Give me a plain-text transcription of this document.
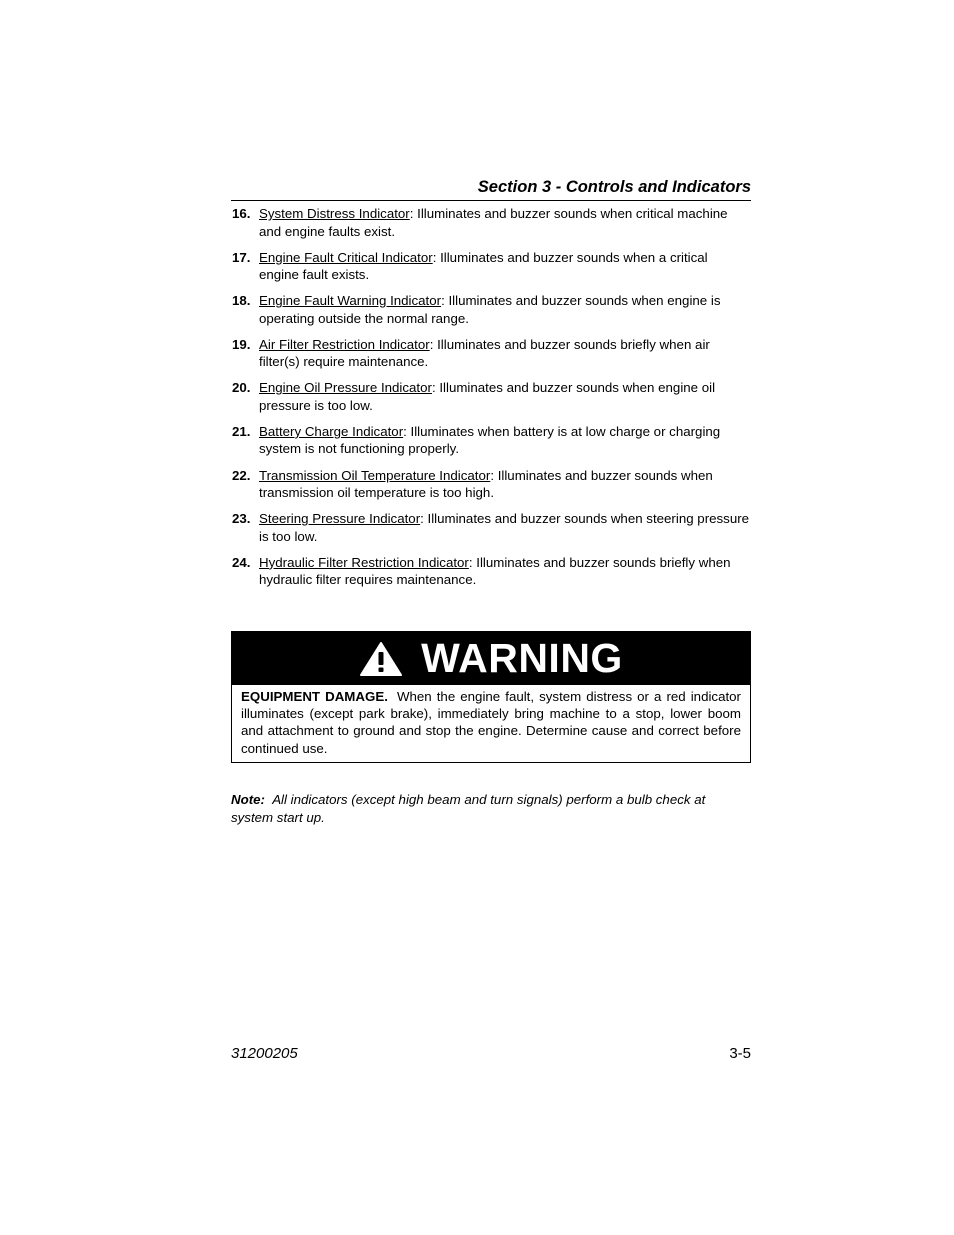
Section 3 - Controls and Indicators
16. System Distress Indicator: Illuminates and buzzer sounds when critical machine and engine faults exist.
17. Engine Fault Critical Indicator: Illuminates and buzzer sounds when a critical engine fault exists.
18. Engine Fault Warning Indicator: Illuminates and buzzer sounds when engine is operating outside the normal range.
19. Air Filter Restriction Indicator: Illuminates and buzzer sounds briefly when air filter(s) require maintenance.
20. Engine Oil Pressure Indicator: Illuminates and buzzer sounds when engine oil pressure is too low.
21. Battery Charge Indicator: Illuminates when battery is at low charge or charging system is not functioning properly.
22. Transmission Oil Temperature Indicator: Illuminates and buzzer sounds when transmission oil temperature is too high.
23. Steering Pressure Indicator: Illuminates and buzzer sounds when steering pressure is too low.
24. Hydraulic Filter Restriction Indicator: Illuminates and buzzer sounds briefly when hydraulic filter requires maintenance.
WARNING
EQUIPMENT DAMAGE. When the engine fault, system distress or a red indicator illuminates (except park brake), immediately bring machine to a stop, lower boom and attachment to ground and stop the engine. Determine cause and correct before continued use.
Note: All indicators (except high beam and turn signals) perform a bulb check at system start up.
31200205	3-5
